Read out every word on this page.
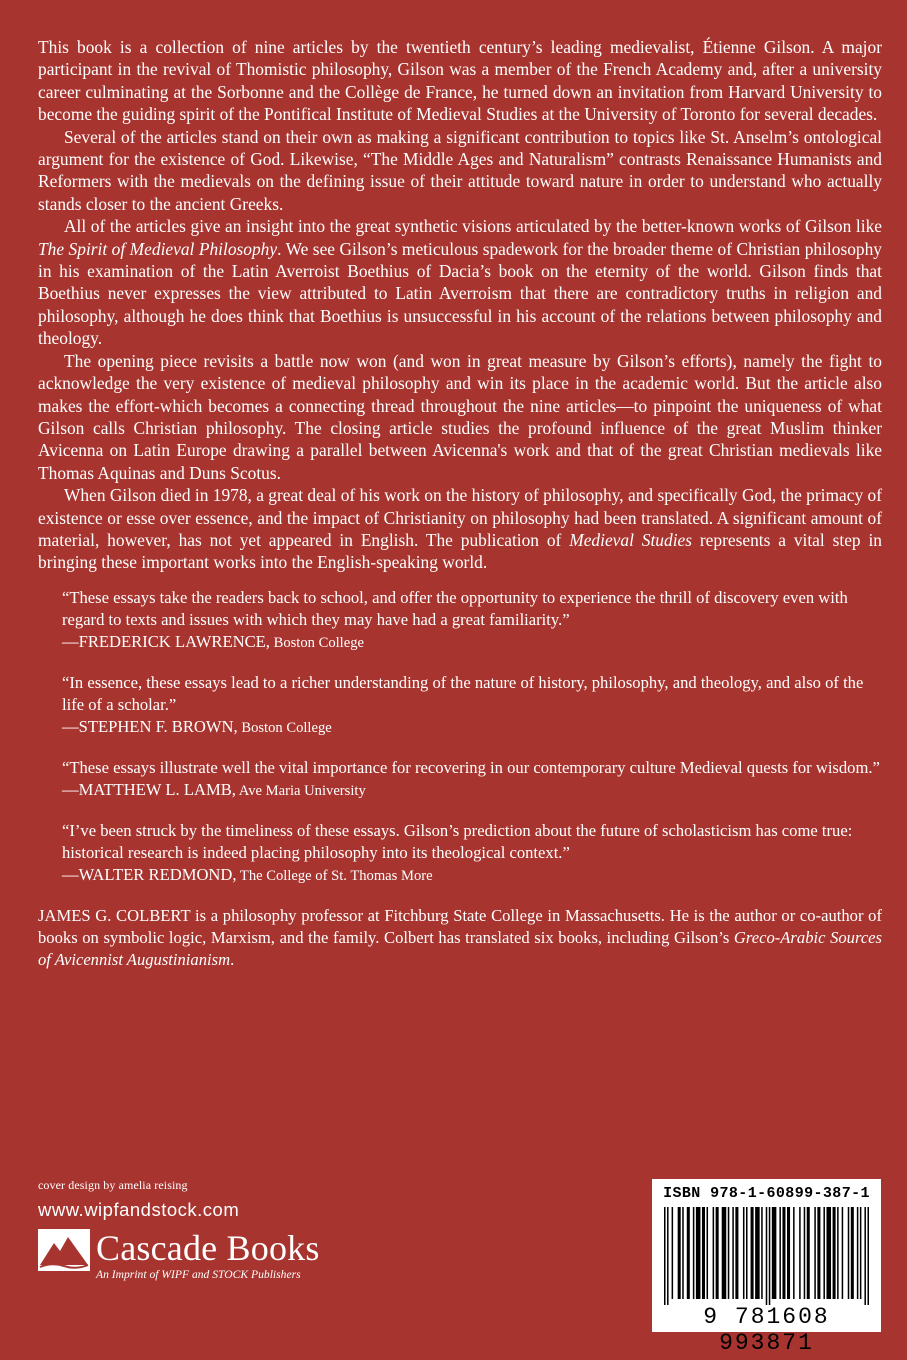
This book is a collection of nine articles by the twentieth century’s leading medievalist, Étienne Gilson. A major participant in the revival of Thomistic philosophy, Gilson was a member of the French Academy and, after a university career culminating at the Sorbonne and the Collège de France, he turned down an invitation from Harvard University to become the guiding spirit of the Pontifical Institute of Medieval Studies at the University of Toronto for several decades.

Several of the articles stand on their own as making a significant contribution to topics like St. Anselm’s ontological argument for the existence of God. Likewise, “The Middle Ages and Naturalism” contrasts Renaissance Humanists and Reformers with the medievals on the defining issue of their attitude toward nature in order to understand who actually stands closer to the ancient Greeks.

All of the articles give an insight into the great synthetic visions articulated by the better-known works of Gilson like The Spirit of Medieval Philosophy. We see Gilson’s meticulous spadework for the broader theme of Christian philosophy in his examination of the Latin Averroist Boethius of Dacia’s book on the eternity of the world. Gilson finds that Boethius never expresses the view attributed to Latin Averroism that there are contradictory truths in religion and philosophy, although he does think that Boethius is unsuccessful in his account of the relations between philosophy and theology.

The opening piece revisits a battle now won (and won in great measure by Gilson’s efforts), namely the fight to acknowledge the very existence of medieval philosophy and win its place in the academic world. But the article also makes the effort-which becomes a connecting thread throughout the nine articles—to pinpoint the uniqueness of what Gilson calls Christian philosophy. The closing article studies the profound influence of the great Muslim thinker Avicenna on Latin Europe drawing a parallel between Avicenna's work and that of the great Christian medievals like Thomas Aquinas and Duns Scotus.

When Gilson died in 1978, a great deal of his work on the history of philosophy, and specifically God, the primacy of existence or esse over essence, and the impact of Christianity on philosophy had been translated. A significant amount of material, however, has not yet appeared in English. The publication of Medieval Studies represents a vital step in bringing these important works into the English-speaking world.

“These essays take the readers back to school, and offer the opportunity to experience the thrill of discovery even with regard to texts and issues with which they may have had a great familiarity.”
—FREDERICK LAWRENCE, Boston College
“In essence, these essays lead to a richer understanding of the nature of history, philosophy, and theology, and also of the life of a scholar.”
—STEPHEN F. BROWN, Boston College
“These essays illustrate well the vital importance for recovering in our contemporary culture Medieval quests for wisdom.”
—MATTHEW L. LAMB, Ave Maria University
“I’ve been struck by the timeliness of these essays. Gilson’s prediction about the future of scholasticism has come true: historical research is indeed placing philosophy into its theological context.”
—WALTER REDMOND, The College of St. Thomas More
JAMES G. COLBERT is a philosophy professor at Fitchburg State College in Massachusetts. He is the author or co-author of books on symbolic logic, Marxism, and the family. Colbert has translated six books, including Gilson’s Greco-Arabic Sources of Avicennist Augustinianism.
cover design by amelia reising
www.wipfandstock.com
Cascade Books
An Imprint of WIPF and STOCK Publishers
ISBN 978-1-60899-387-1
9 781608 993871
